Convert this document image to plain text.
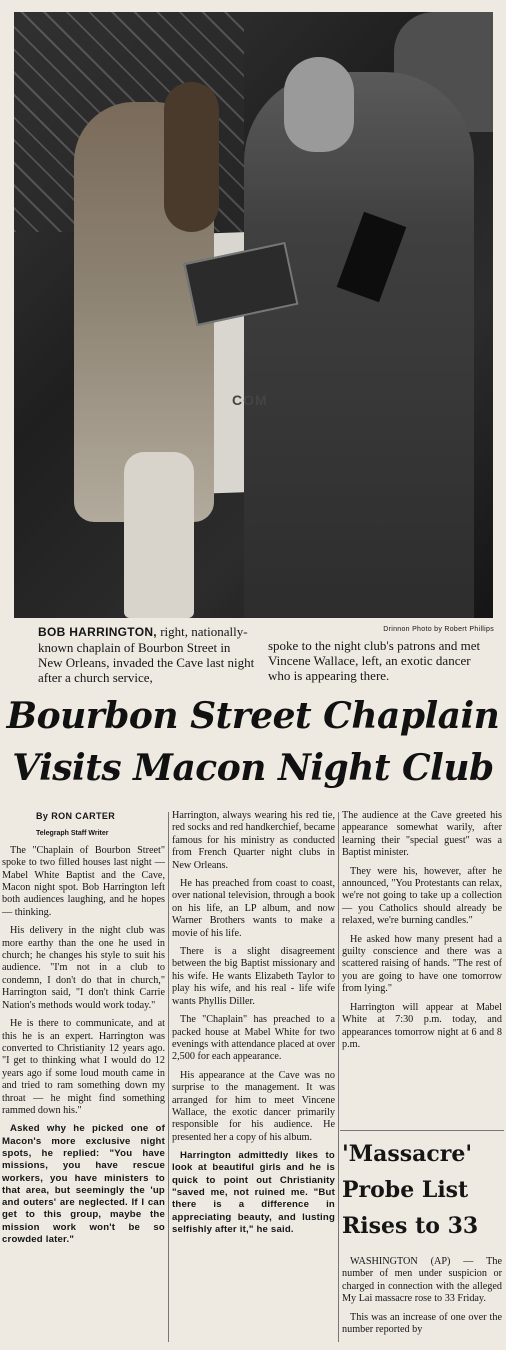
COM
Drinnon Photo by Robert Phillips
BOB HARRINGTON, right, nationally-known chaplain of Bourbon Street in New Orleans, invaded the Cave last night after a church service,
spoke to the night club's patrons and met Vincene Wallace, left, an exotic dancer who is appearing there.
Bourbon Street Chaplain
Visits Macon Night Club

By RON CARTER

Telegraph Staff Writer

The "Chaplain of Bourbon Street" spoke to two filled houses last night — Mabel White Baptist and the Cave, Macon night spot. Bob Harrington left both audiences laughing, and he hopes — thinking.

His delivery in the night club was more earthy than the one he used in church; he changes his style to suit his audience. "I'm not in a club to condemn, I don't do that in church," Harrington said, "I don't think Carrie Nation's methods would work today."

He is there to communicate, and at this he is an expert. Harrington was converted to Christianity 12 years ago. "I get to thinking what I would do 12 years ago if some loud mouth came in and tried to ram something down my throat — he might find something rammed down his."

Asked why he picked one of Macon's more exclusive night spots, he replied: "You have missions, you have rescue workers, you have ministers to that area, but seemingly the 'up and outers' are neglected. If I can get to this group, maybe the mission work won't be so crowded later."

Harrington, always wearing his red tie, red socks and red handkerchief, became famous for his ministry as conducted from French Quarter night clubs in New Orleans.

He has preached from coast to coast, over national television, through a book on his life, an LP album, and now Warner Brothers wants to make a movie of his life.

There is a slight disagreement between the big Baptist missionary and his wife. He wants Elizabeth Taylor to play his wife, and his real - life wife wants Phyllis Diller.

The "Chaplain" has preached to a packed house at Mabel White for two evenings with attendance placed at over 2,500 for each appearance.

His appearance at the Cave was no surprise to the management. It was arranged for him to meet Vincene Wallace, the exotic dancer primarily responsible for his audience. He presented her a copy of his album.

Harrington admittedly likes to look at beautiful girls and he is quick to point out Christianity "saved me, not ruined me. "But there is a difference in appreciating beauty, and lusting selfishly after it," he said.

The audience at the Cave greeted his appearance somewhat warily, after learning their "special guest" was a Baptist minister.

They were his, however, after he announced, "You Protestants can relax, we're not going to take up a collection — you Catholics should already be relaxed, we're burning candles."

He asked how many present had a guilty conscience and there was a scattered raising of hands. "The rest of you are going to have one tomorrow from lying."

Harrington will appear at Mabel White at 7:30 p.m. today, and appearances tomorrow night at 6 and 8 p.m.

'Massacre'
Probe List
Rises to 33

WASHINGTON (AP) — The number of men under suspicion or charged in connection with the alleged My Lai massacre rose to 33 Friday.

This was an increase of one over the number reported by
